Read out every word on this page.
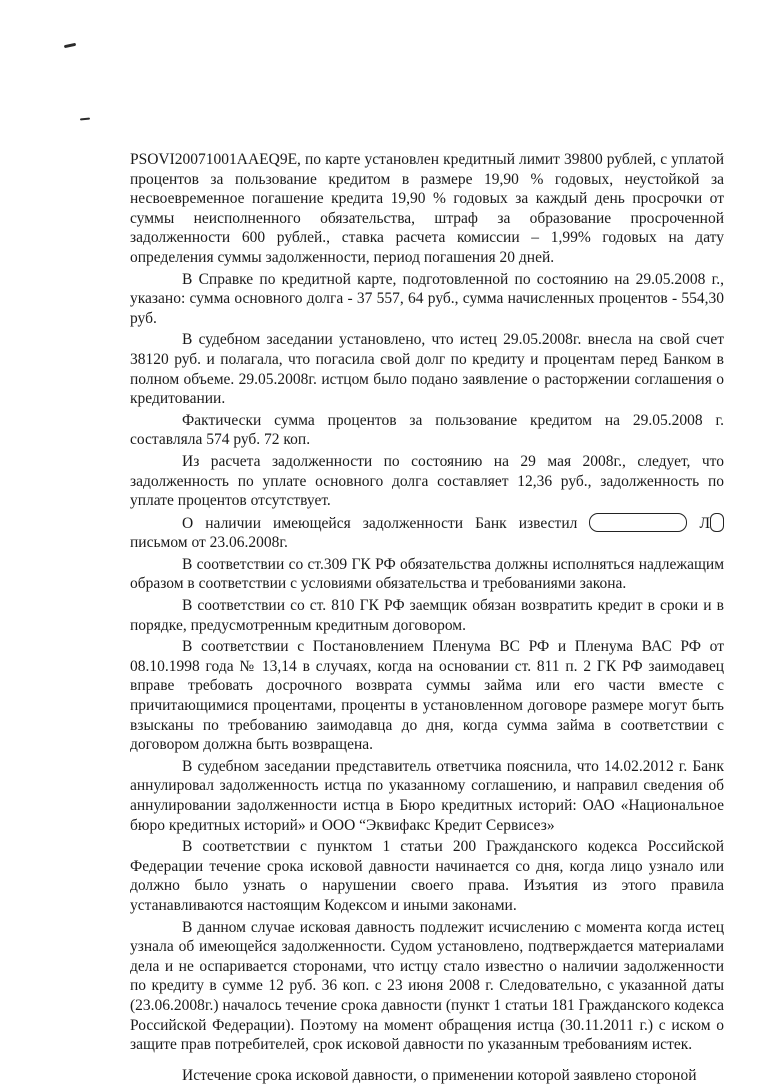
PSOVI20071001AAEQ9E, по карте установлен кредитный лимит 39800 рублей, с уплатой процентов за пользование кредитом в размере 19,90 % годовых, неустойкой за несвоевременное погашение кредита 19,90 % годовых за каждый день просрочки от суммы неисполненного обязательства, штраф за образование просроченной задолженности 600 рублей., ставка расчета комиссии – 1,99% годовых на дату определения суммы задолженности, период погашения 20 дней.

В Справке по кредитной карте, подготовленной по состоянию на 29.05.2008 г., указано: сумма основного долга - 37 557, 64 руб., сумма начисленных процентов - 554,30 руб.

В судебном заседании установлено, что истец 29.05.2008г. внесла на свой счет 38120 руб. и полагала, что погасила свой долг по кредиту и процентам перед Банком в полном объеме. 29.05.2008г. истцом было подано заявление о расторжении соглашения о кредитовании.

Фактически сумма процентов за пользование кредитом на 29.05.2008 г. составляла 574 руб. 72 коп.

Из расчета задолженности по состоянию на 29 мая 2008г., следует, что задолженность по уплате основного долга составляет 12,36 руб., задолженность по уплате процентов отсутствует.

О наличии имеющейся задолженности Банк известил	Л письмом от 23.06.2008г.

В соответствии со ст.309 ГК РФ обязательства должны исполняться надлежащим образом в соответствии с условиями обязательства и требованиями закона.

В соответствии со ст. 810 ГК РФ заемщик обязан возвратить кредит в сроки и в порядке, предусмотренным кредитным договором.

В соответствии с Постановлением Пленума ВС РФ и Пленума ВАС РФ от 08.10.1998 года № 13,14 в случаях, когда на основании ст. 811 п. 2 ГК РФ заимодавец вправе требовать досрочного возврата суммы займа или его части вместе с причитающимися процентами, проценты в установленном договоре размере могут быть взысканы по требованию заимодавца до дня, когда сумма займа в соответствии с договором должна быть возвращена.

В судебном заседании представитель ответчика пояснила, что 14.02.2012 г. Банк аннулировал задолженность истца по указанному соглашению, и направил сведения об аннулировании задолженности истца в Бюро кредитных историй: ОАО «Национальное бюро кредитных историй» и ООО “Эквифакс Кредит Сервисез»

В соответствии с пунктом 1 статьи 200 Гражданского кодекса Российской Федерации течение срока исковой давности начинается со дня, когда лицо узнало или должно было узнать о нарушении своего права. Изъятия из этого правила устанавливаются настоящим Кодексом и иными законами.

В данном случае исковая давность подлежит исчислению с момента когда истец узнала об имеющейся задолженности. Судом установлено, подтверждается материалами дела и не оспаривается сторонами, что истцу стало известно о наличии задолженности по кредиту в сумме 12 руб. 36 коп. с 23 июня 2008 г. Следовательно, с указанной даты (23.06.2008г.) началось течение срока давности (пункт 1 статьи 181 Гражданского кодекса Российской Федерации). Поэтому на момент обращения истца (30.11.2011 г.) с иском о защите прав потребителей, срок исковой давности по указанным требованиям истек.

Истечение срока исковой давности, о применении которой заявлено стороной
